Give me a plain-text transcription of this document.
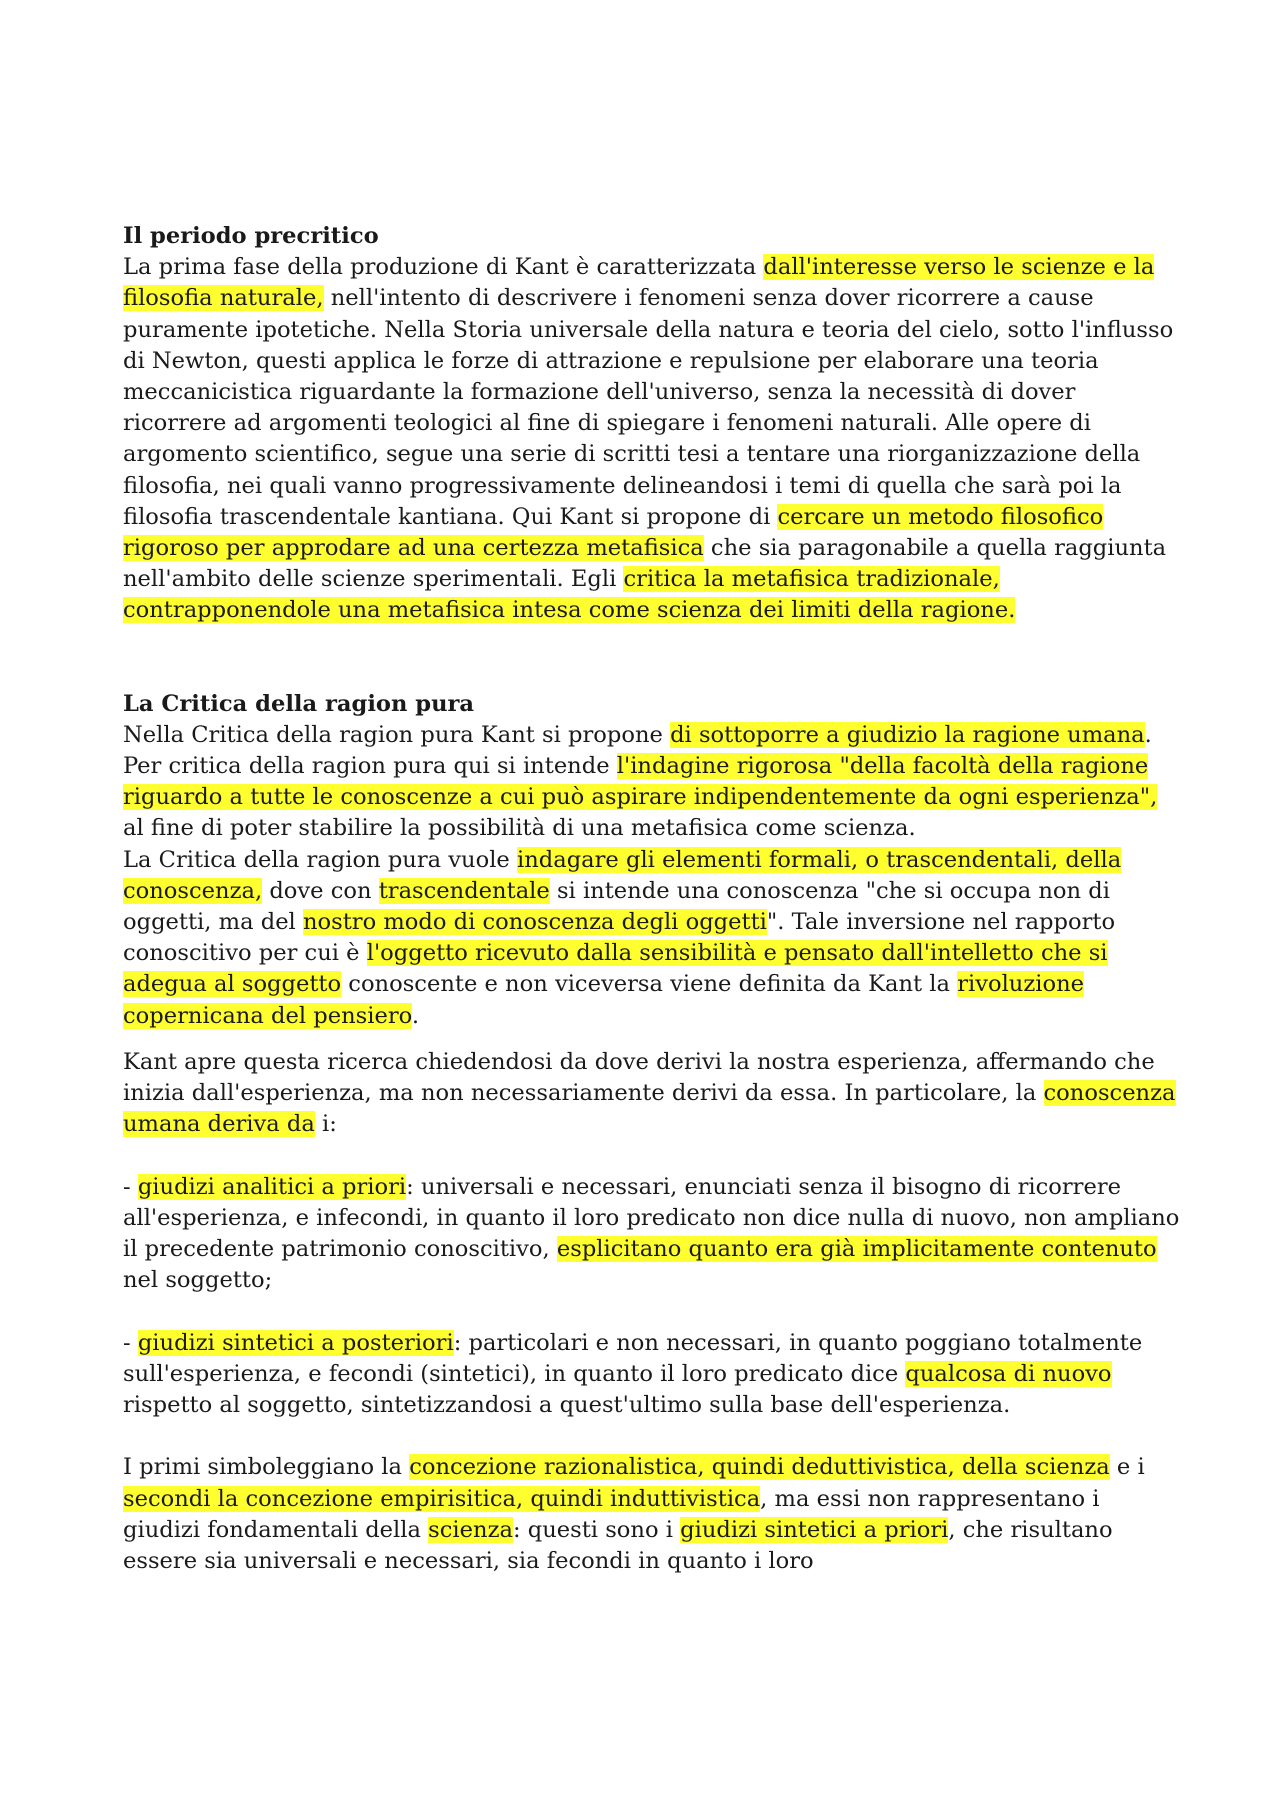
Il periodo precritico

La prima fase della produzione di Kant è caratterizzata dall'interesse verso le scienze e la filosofia naturale, nell'intento di descrivere i fenomeni senza dover ricorrere a cause puramente ipotetiche. Nella Storia universale della natura e teoria del cielo, sotto l'influsso di Newton, questi applica le forze di attrazione e repulsione per elaborare una teoria meccanicistica riguardante la formazione dell'universo, senza la necessità di dover ricorrere ad argomenti teologici al fine di spiegare i fenomeni naturali. Alle opere di argomento scientifico, segue una serie di scritti tesi a tentare una riorganizzazione della filosofia, nei quali vanno progressivamente delineandosi i temi di quella che sarà poi la filosofia trascendentale kantiana. Qui Kant si propone di cercare un metodo filosofico rigoroso per approdare ad una certezza metafisica che sia paragonabile a quella raggiunta nell'ambito delle scienze sperimentali. Egli critica la metafisica tradizionale, contrapponendole una metafisica intesa come scienza dei limiti della ragione.

La Critica della ragion pura

Nella Critica della ragion pura Kant si propone di sottoporre a giudizio la ragione umana. Per critica della ragion pura qui si intende l'indagine rigorosa "della facoltà della ragione riguardo a tutte le conoscenze a cui può aspirare indipendentemente da ogni esperienza", al fine di poter stabilire la possibilità di una metafisica come scienza.

La Critica della ragion pura vuole indagare gli elementi formali, o trascendentali, della conoscenza, dove con trascendentale si intende una conoscenza "che si occupa non di oggetti, ma del nostro modo di conoscenza degli oggetti". Tale inversione nel rapporto conoscitivo per cui è l'oggetto ricevuto dalla sensibilità e pensato dall'intelletto che si adegua al soggetto conoscente e non viceversa viene definita da Kant la rivoluzione copernicana del pensiero.

Kant apre questa ricerca chiedendosi da dove derivi la nostra esperienza, affermando che inizia dall'esperienza, ma non necessariamente derivi da essa. In particolare, la conoscenza umana deriva da i:

- giudizi analitici a priori: universali e necessari, enunciati senza il bisogno di ricorrere all'esperienza, e infecondi, in quanto il loro predicato non dice nulla di nuovo, non ampliano il precedente patrimonio conoscitivo, esplicitano quanto era già implicitamente contenuto nel soggetto;

- giudizi sintetici a posteriori: particolari e non necessari, in quanto poggiano totalmente sull'esperienza, e fecondi (sintetici), in quanto il loro predicato dice qualcosa di nuovo rispetto al soggetto, sintetizzandosi a quest'ultimo sulla base dell'esperienza.

I primi simboleggiano la concezione razionalistica, quindi deduttivistica, della scienza e i secondi la concezione empirisitica, quindi induttivistica, ma essi non rappresentano i giudizi fondamentali della scienza: questi sono i giudizi sintetici a priori, che risultano essere sia universali e necessari, sia fecondi in quanto i loro
